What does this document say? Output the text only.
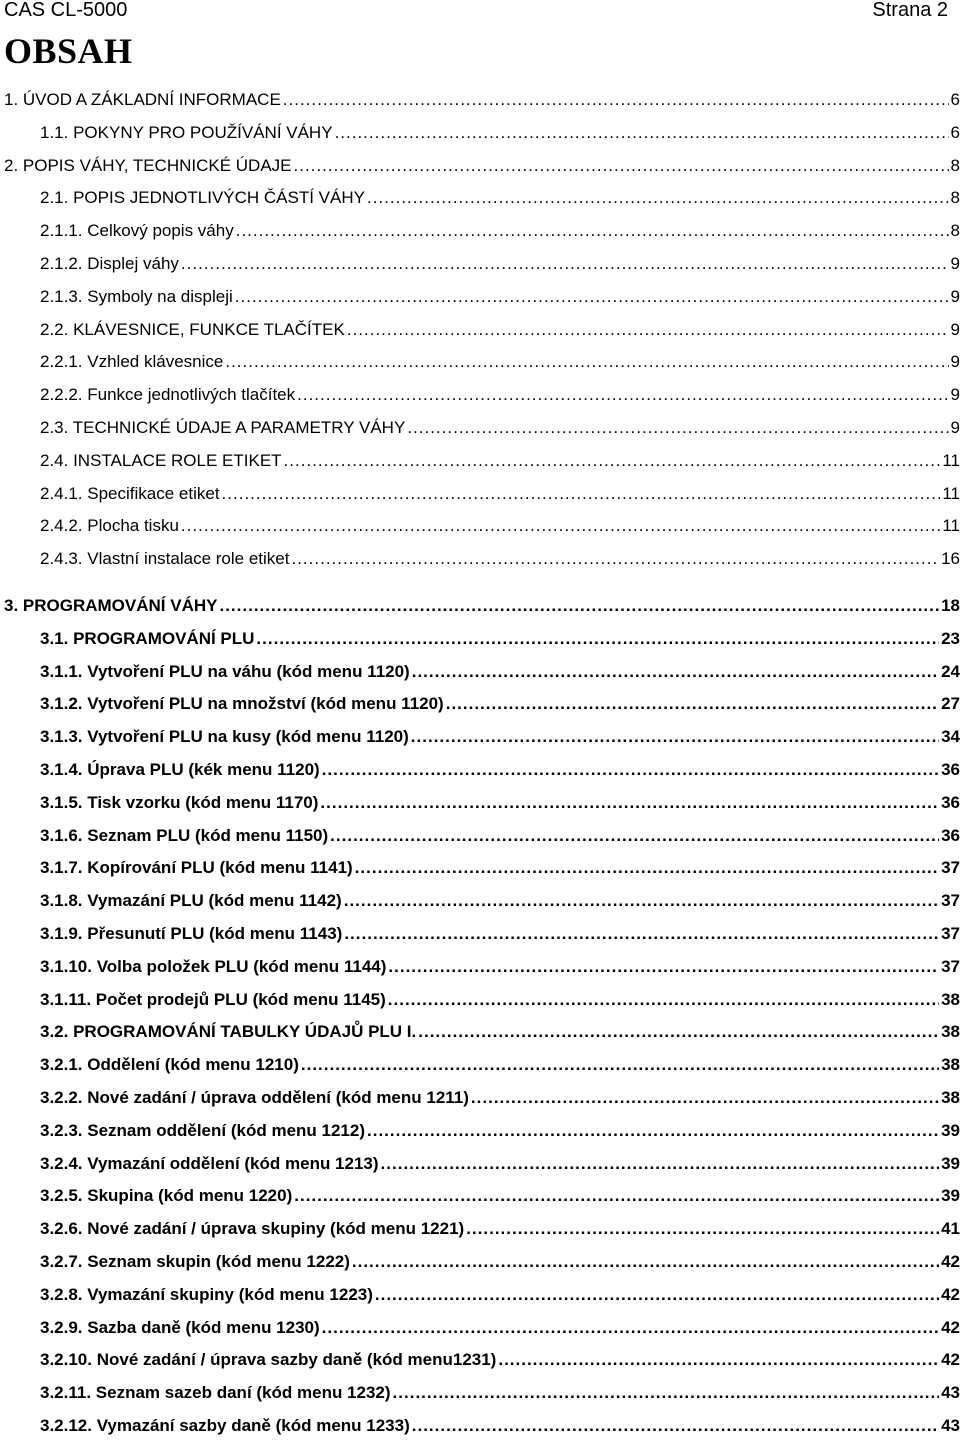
CAS CL-5000	Strana 2
OBSAH
1. ÚVOD A ZÁKLADNÍ INFORMACE .....	6
1.1. POKYNY PRO POUŽÍVÁNÍ VÁHY .....	6
2. POPIS VÁHY, TECHNICKÉ ÚDAJE .....	8
2.1. POPIS JEDNOTLIVÝCH ČÁSTÍ VÁHY .....	8
2.1.1. Celkový popis váhy .....	8
2.1.2. Displej váhy .....	9
2.1.3. Symboly na displeji .....	9
2.2. KLÁVESNICE, FUNKCE TLAČÍTEK .....	9
2.2.1. Vzhled klávesnice .....	9
2.2.2. Funkce jednotlivých tlačítek .....	9
2.3. TECHNICKÉ ÚDAJE A PARAMETRY VÁHY .....	9
2.4. INSTALACE ROLE ETIKET .....	11
2.4.1. Specifikace etiket .....	11
2.4.2. Plocha tisku .....	11
2.4.3. Vlastní instalace role etiket .....	16
3. PROGRAMOVÁNÍ VÁHY .....	18
3.1. PROGRAMOVÁNÍ PLU .....	23
3.1.1. Vytvoření PLU na váhu (kód menu 1120) .....	24
3.1.2. Vytvoření PLU na množství (kód menu 1120) .....	27
3.1.3. Vytvoření PLU na kusy (kód menu 1120) .....	34
3.1.4. Úprava PLU (kék menu 1120) .....	36
3.1.5. Tisk vzorku (kód menu 1170) .....	36
3.1.6. Seznam PLU (kód menu 1150) .....	36
3.1.7. Kopírování PLU (kód menu 1141) .....	37
3.1.8. Vymazání PLU (kód menu 1142) .....	37
3.1.9. Přesunutí PLU (kód menu 1143) .....	37
3.1.10. Volba položek PLU (kód menu 1144) .....	37
3.1.11. Počet prodejů PLU (kód menu 1145) .....	38
3.2. PROGRAMOVÁNÍ TABULKY ÚDAJŮ PLU I. .....	38
3.2.1. Oddělení (kód menu 1210) .....	38
3.2.2. Nové zadání / úprava oddělení (kód menu 1211) .....	38
3.2.3. Seznam oddělení (kód menu 1212) .....	39
3.2.4. Vymazání oddělení (kód menu 1213) .....	39
3.2.5. Skupina (kód menu 1220) .....	39
3.2.6. Nové zadání / úprava skupiny (kód menu 1221) .....	41
3.2.7. Seznam skupin (kód menu 1222) .....	42
3.2.8. Vymazání skupiny (kód menu 1223) .....	42
3.2.9. Sazba daně (kód menu 1230) .....	42
3.2.10. Nové zadání / úprava sazby daně (kód menu1231) .....	42
3.2.11. Seznam sazeb daní (kód menu 1232) .....	43
3.2.12. Vymazání sazby daně (kód menu 1233) .....	43
